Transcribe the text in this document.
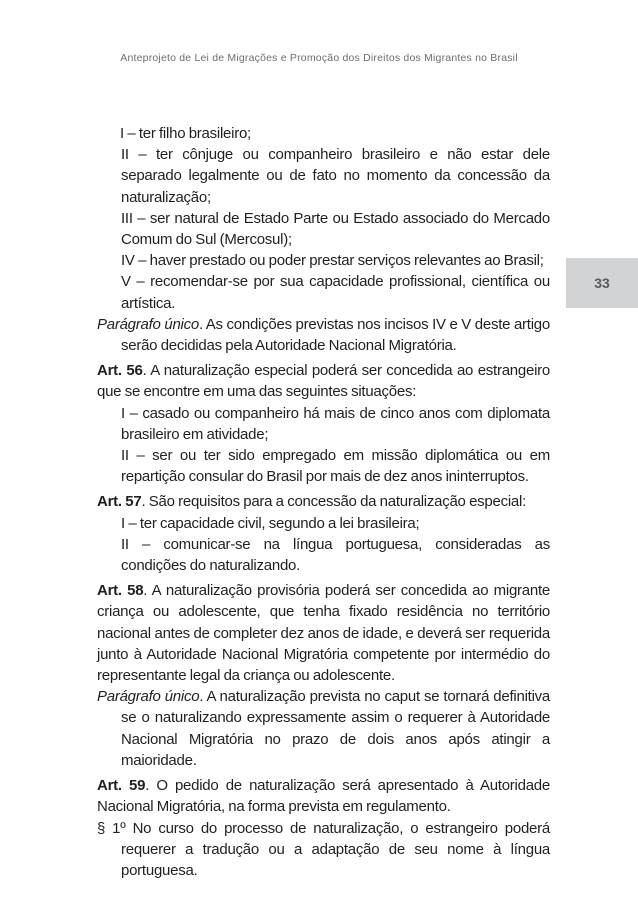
Anteprojeto de Lei de Migrações e Promoção dos Direitos dos Migrantes no Brasil
33

I – ter filho brasileiro;

II – ter cônjuge ou companheiro brasileiro e não estar dele separado legalmente ou de fato no momento da concessão da naturalização;

III – ser natural de Estado Parte ou Estado associado do Mercado Comum do Sul (Mercosul);

IV – haver prestado ou poder prestar serviços relevantes ao Brasil;

V – recomendar-se por sua capacidade profissional, científica ou artística.

Parágrafo único. As condições previstas nos incisos IV e V deste artigo serão decididas pela Autoridade Nacional Migratória.

Art. 56. A naturalização especial poderá ser concedida ao estrangeiro que se encontre em uma das seguintes situações:

I – casado ou companheiro há mais de cinco anos com diplomata brasileiro em atividade;

II – ser ou ter sido empregado em missão diplomática ou em repartição consular do Brasil por mais de dez anos ininterruptos.

Art. 57. São requisitos para a concessão da naturalização especial:

I – ter capacidade civil, segundo a lei brasileira;

II – comunicar-se na língua portuguesa, consideradas as condições do naturalizando.

Art. 58. A naturalização provisória poderá ser concedida ao migrante criança ou adolescente, que tenha fixado residência no território nacional antes de completer dez anos de idade, e deverá ser requerida junto à Autoridade Nacional Migratória competente por intermédio do representante legal da criança ou adolescente.

Parágrafo único. A naturalização prevista no caput se tornará definitiva se o naturalizando expressamente assim o requerer à Autoridade Nacional Migratória no prazo de dois anos após atingir a maioridade.

Art. 59. O pedido de naturalização será apresentado à Autoridade Nacional Migratória, na forma prevista em regulamento.

§ 1º No curso do processo de naturalização, o estrangeiro poderá requerer a tradução ou a adaptação de seu nome à língua portuguesa.
